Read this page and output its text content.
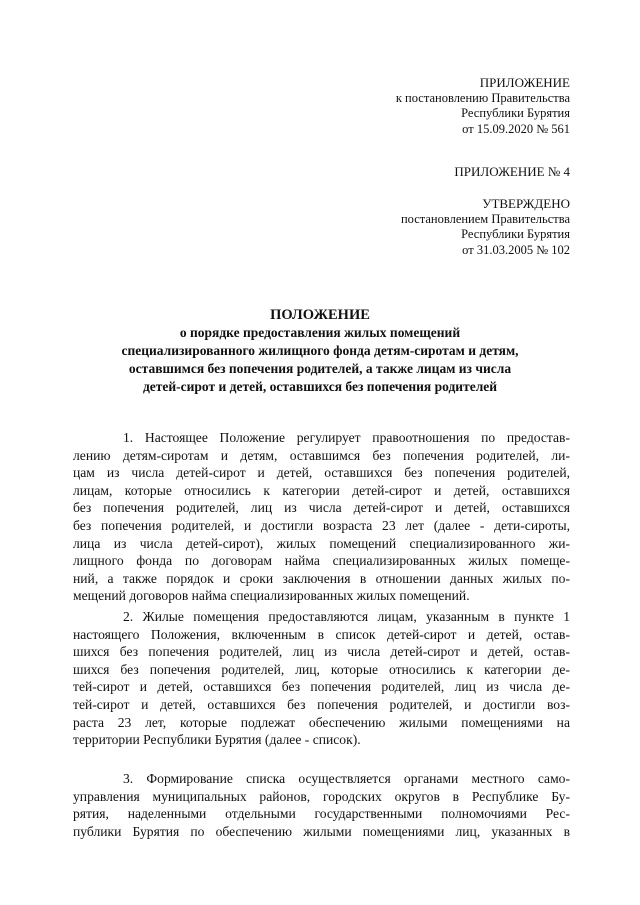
ПРИЛОЖЕНИЕ
к постановлению Правительства
Республики Бурятия
от 15.09.2020 № 561
ПРИЛОЖЕНИЕ № 4
УТВЕРЖДЕНО
постановлением Правительства
Республики Бурятия
от 31.03.2005 № 102
ПОЛОЖЕНИЕ
о порядке предоставления жилых помещений
специализированного жилищного фонда детям-сиротам и детям,
оставшимся без попечения родителей, а также лицам из числа
детей-сирот и детей, оставшихся без попечения родителей
1. Настоящее Положение регулирует правоотношения по предостав-
лению детям-сиротам и детям, оставшимся без попечения родителей, ли-
цам из числа детей-сирот и детей, оставшихся без попечения родителей,
лицам, которые относились к категории детей-сирот и детей, оставшихся
без попечения родителей, лиц из числа детей-сирот и детей, оставшихся
без попечения родителей, и достигли возраста 23 лет (далее - дети-сироты,
лица из числа детей-сирот), жилых помещений специализированного жи-
лищного фонда по договорам найма специализированных жилых помеще-
ний, а также порядок и сроки заключения в отношении данных жилых по-
мещений договоров найма специализированных жилых помещений.
2. Жилые помещения предоставляются лицам, указанным в пункте 1
настоящего Положения, включенным в список детей-сирот и детей, остав-
шихся без попечения родителей, лиц из числа детей-сирот и детей, остав-
шихся без попечения родителей, лиц, которые относились к категории де-
тей-сирот и детей, оставшихся без попечения родителей, лиц из числа де-
тей-сирот и детей, оставшихся без попечения родителей, и достигли воз-
раста 23 лет, которые подлежат обеспечению жилыми помещениями на
территории Республики Бурятия (далее - список).
3. Формирование списка осуществляется органами местного само-
управления муниципальных районов, городских округов в Республике Бу-
рятия, наделенными отдельными государственными полномочиями Рес-
публики Бурятия по обеспечению жилыми помещениями лиц, указанных в
